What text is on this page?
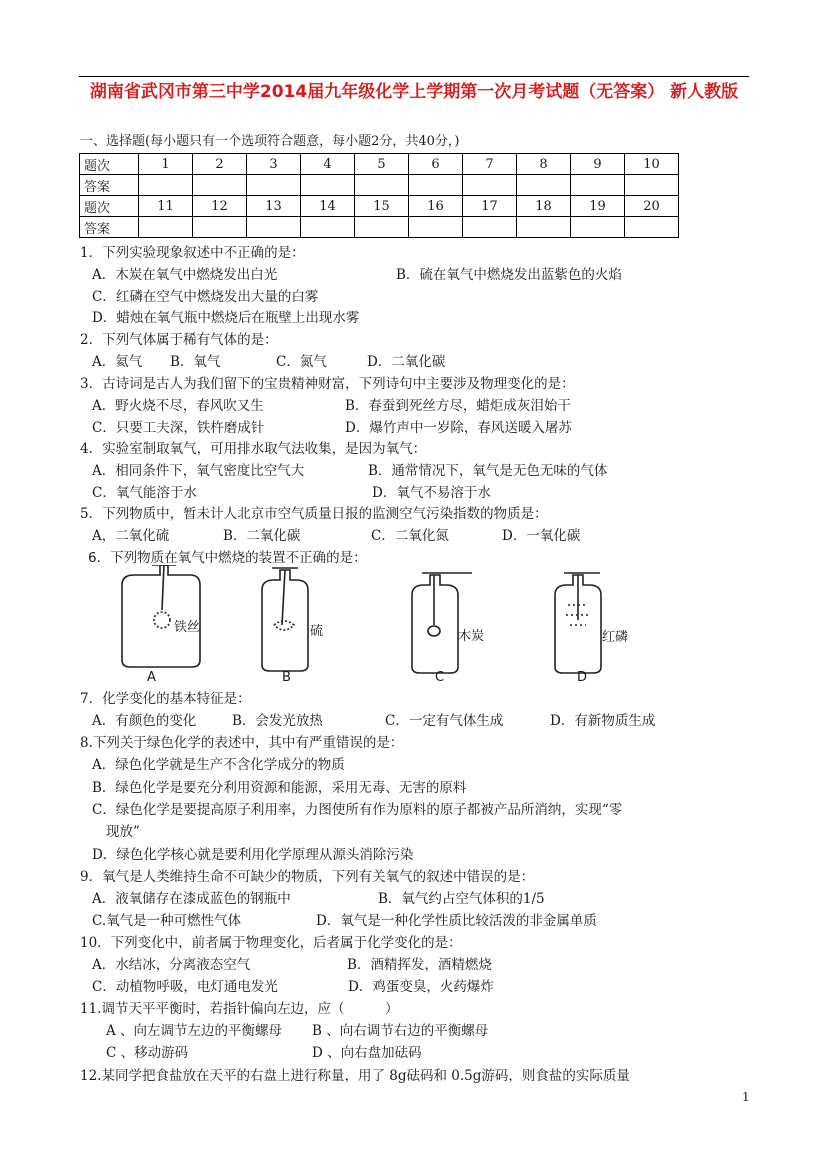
湖南省武冈市第三中学2014届九年级化学上学期第一次月考试题（无答案） 新人教版
一、选择题(每小题只有一个选项符合题意，每小题2分，共40分，)
题次	1	2	3	4	5	6	7	8	9	10
答案										
题次	11	12	13	14	15	16	17	18	19	20
答案										
1．下列实验现象叙述中不正确的是：
A．木炭在氧气中燃烧发出白光	B．硫在氧气中燃烧发出蓝紫色的火焰
C．红磷在空气中燃烧发出大量的白雾
D．蜡烛在氧气瓶中燃烧后在瓶壁上出现水雾
2．下列气体属于稀有气体的是：
A．氦气 B．氧气	C．氮气	D．二氧化碳
3．古诗词是古人为我们留下的宝贵精神财富，下列诗句中主要涉及物理变化的是：
A．野火烧不尽，春风吹又生	B．春蚕到死丝方尽，蜡炬成灰泪始干
C．只要工夫深，铁杵磨成针	D．爆竹声中一岁除，春风送暖入屠苏
4．实验室制取氧气，可用排水取气法收集，是因为氧气：
A．相同条件下，氧气密度比空气大	B．通常情况下，氧气是无色无味的气体
C．氧气能溶于水	D．氧气不易溶于水
5．下列物质中，暂未计人北京市空气质量日报的监测空气污染指数的物质是：
A，二氧化硫	B．二氧化碳	C．二氧化氮	D．一氧化碳
6．下列物质在氧气中燃烧的装置不正确的是：
铁丝	硫	木炭	红磷
A	B	C	D
7．化学变化的基本特征是：
A．有颜色的变化	B．会发光放热	C．一定有气体生成	D．有新物质生成
8.下列关于绿色化学的表述中，其中有严重错误的是：
A．绿色化学就是生产不含化学成分的物质
B．绿色化学是要充分利用资源和能源，采用无毒、无害的原料
C．绿色化学是要提高原子利用率，力图使所有作为原料的原子都被产品所消纳，实现“零
现放”
D．绿色化学核心就是要利用化学原理从源头消除污染
9．氧气是人类维持生命不可缺少的物质，下列有关氧气的叙述中错误的是：
A．液氧储存在漆成蓝色的钢瓶中	B．氧气约占空气体积的1/5
C.氧气是一种可燃性气体	D．氧气是一种化学性质比较活泼的非金属单质
10．下列变化中，前者属于物理变化，后者属于化学变化的是：
A．水结冰，分离液态空气	B．酒精挥发，酒精燃烧
C．动植物呼吸，电灯通电发光	D．鸡蛋变臭，火药爆炸
11.调节天平平衡时，若指针偏向左边，应（　　　）
A 、向左调节左边的平衡螺母 B 、向右调节右边的平衡螺母
C 、移动游码	D 、向右盘加砝码
12.某同学把食盐放在天平的右盘上进行称量，用了 8g砝码和 0.5g游码，则食盐的实际质量
1
